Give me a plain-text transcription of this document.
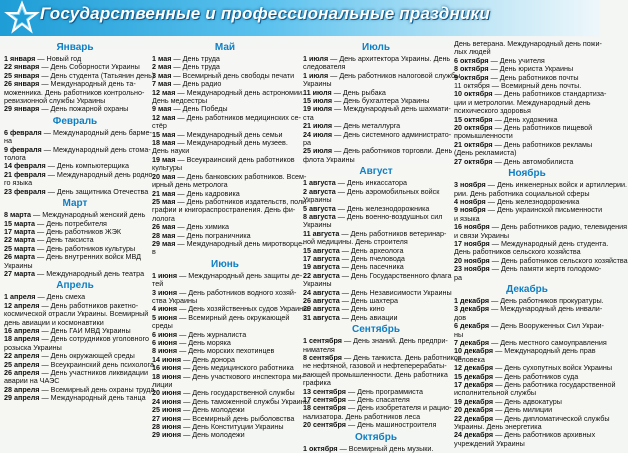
Государственные и профессиональные праздники
Январь
1 января — Новый год
22 января — День Соборности Украины
25 января — День студента (Татьянин день)
26 января — Международный день та-
моженника. День работников контрольно-
ревизионной службы Украины
29 января — День пожарной охраны
Февраль
6 февраля — Международный день барме-
на
9 февраля — Международный день стома-
толога
14 февраля — День компьютерщика
21 февраля — Международный день родно-
го языка
23 февраля — День защитника Отечества
Март
8 марта — Международный женский день
15 марта — День потребителя
17 марта — День работников ЖЭК
22 марта — День таксиста
25 марта — День работников культуры
26 марта — День внутренних войск МВД
Украины
27 марта — Международный день театра
Апрель
1 апреля — День смеха
12 апреля — День работников ракетно-
космической отрасли Украины. Всемирный
день авиации и космонавтики
16 апреля — День ГАИ МВД Украины
18 апреля — День сотрудников уголовного
розыска Украины
22 апреля — День окружающей среды
25 апреля — Всеукраинский день психолога
26 апреля — День участников ликвидации
аварии на ЧАЭС
28 апреля — Всемирный день охраны труда
29 апреля — Международный день танца
Май
1 мая — День труда
2 мая — День труда
3 мая — Всемирный день свободы печати
7 мая — День радио
12 мая — Международный день астрономии.
День медсестры
9 мая — День Победы
12 мая — День работников медицинских се-
стёр
15 мая — Международный день семьи
18 мая — Международный день музеев.
День науки
19 мая — Всеукраинский день работников
культуры
20 мая — День банковских работников. Всем-
ирный день метролога
21 мая — День кадровика
25 мая — День работников издательств, поли-
графии и книгораспространения. День фи-
лолога
26 мая — День химика
28 мая — День пограничника
29 мая — Международный день миротворце-
в
Июнь
1 июня — Международный день защиты де-
тей
3 июня — День работников водного хозяй-
ства Украины
4 июня — День хозяйственных судов Украины
5 июня — Всемирный день окружающей
среды
6 июня — День журналиста
6 июня — День моряка
8 июня — День морских пехотинцев
14 июня — День донора
16 июня — День медицинского работника
18 июня — День участкового инспектора ми-
лиции
20 июня — День государственной службы
24 июня — День таможенной службы Украины
25 июня — День молодежи
27 июня — Всемирный день рыболовства
28 июня — День Конституции Украины
29 июня — День молодежи
Июль
1 июля — День архитектора Украины. День
следователя
1 июля — День работников налоговой службы
Украины
11 июля — День рыбака
15 июля — День бухгалтера Украины
19 июля — Международный день шахмати-
ста
21 июля — День металлурга
24 июля — День системного администрато-
ра
25 июля — День работников торговли. День
флота Украины
Август
1 августа — День инкассатора
2 августа — День аэромобильных войск
Украины
5 августа — День железнодорожника
8 августа — День военно-воздушных сил
Украины
11 августа — День работников ветеринар-
ной медицины. День строителя
15 августа — День археолога
17 августа — День пчеловода
19 августа — День пасечника
22 августа — День Государственного флага
Украины
24 августа — День Независимости Украины
26 августа — День шахтера
29 августа — День кино
31 августа — День авиации
Сентябрь
1 сентября — День знаний. День предпри-
нимателя
8 сентября — День танкиста. День работников
не нефтяной, газовой и нефтеперерабаты-
вающей промышленности. День работника
графика
13 сентября — День программиста
17 сентября — День спасателя
18 сентября — День изобретателя и рацио-
нализатора. День работников леса
20 сентября — День машиностроителя
Октябрь
1 октября — Всемирный день музыки.
День ветерана. Международный день пожи-
лых людей
6 октября — День учителя
8 октября — День юриста Украины
9 октября — День работников почты
11 октября — Всемирный день почты.
10 октября — День работников стандартиза-
ции и метрологии. Международный день
психического здоровья
15 октября — День художника
20 октября — День работников пищевой
промышленности
21 октября — День работников рекламы
(День рекламиста)
27 октября — День автомобилиста
Ноябрь
3 ноября — День инженерных войск и артиллерии.
рии. День работника социальной сферы
4 ноября — День железнодорожника
9 ноября — День украинской письменности
и языка
16 ноября — День работников радио, телевидения
и связи Украины
17 ноября — Международный день студента.
День работников сельского хозяйства
20 ноября — День работников сельского хозяйства
23 ноября — День памяти жертв голодомо-
ра
Декабрь
1 декабря — День работников прокуратуры.
3 декабря — Международный день инвали-
дов
6 декабря — День Вооруженных Сил Украи-
ны
7 декабря — День местного самоуправления
10 декабря — Международный день прав
человека
12 декабря — День сухопутных войск Украины
15 декабря — День работников суда
17 декабря — День работника государственной
исполнительной службы
19 декабря — День адвокатуры
20 декабря — День милиции
22 декабря — День дипломатической службы
Украины. День энергетика
24 декабря — День работников архивных
учреждений Украины
